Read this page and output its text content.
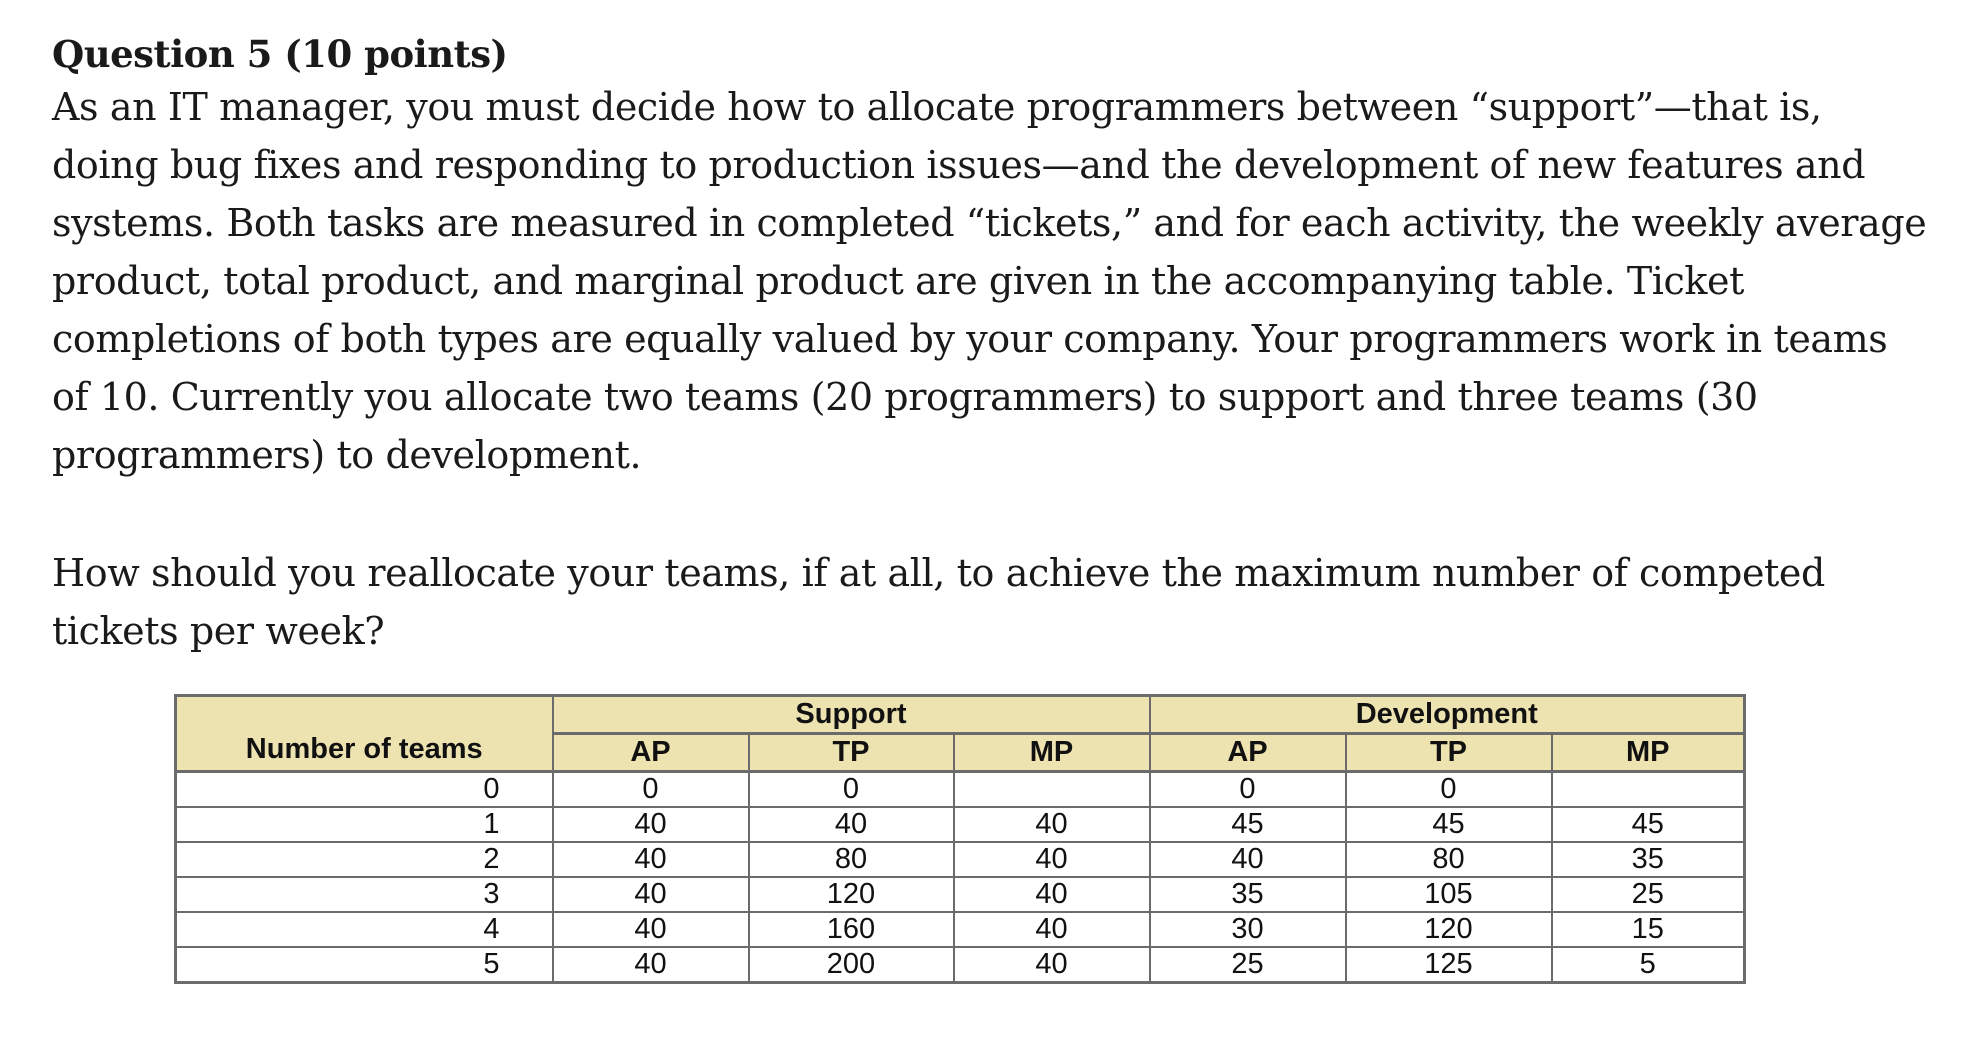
Question 5 (10 points)

As an IT manager, you must decide how to allocate programmers between “support”—that is, doing bug fixes and responding to production issues—and the development of new features and systems. Both tasks are measured in completed “tickets,” and for each activity, the weekly average product, total product, and marginal product are given in the accompanying table. Ticket completions of both types are equally valued by your company. Your programmers work in teams of 10. Currently you allocate two teams (20 programmers) to support and three teams (30 programmers) to development.

How should you reallocate your teams, if at all, to achieve the maximum number of competed tickets per week?

Number of teams	Support			Development		
	AP	TP	MP	AP	TP	MP
0	0	0		0	0	
1	40	40	40	45	45	45
2	40	80	40	40	80	35
3	40	120	40	35	105	25
4	40	160	40	30	120	15
5	40	200	40	25	125	5
